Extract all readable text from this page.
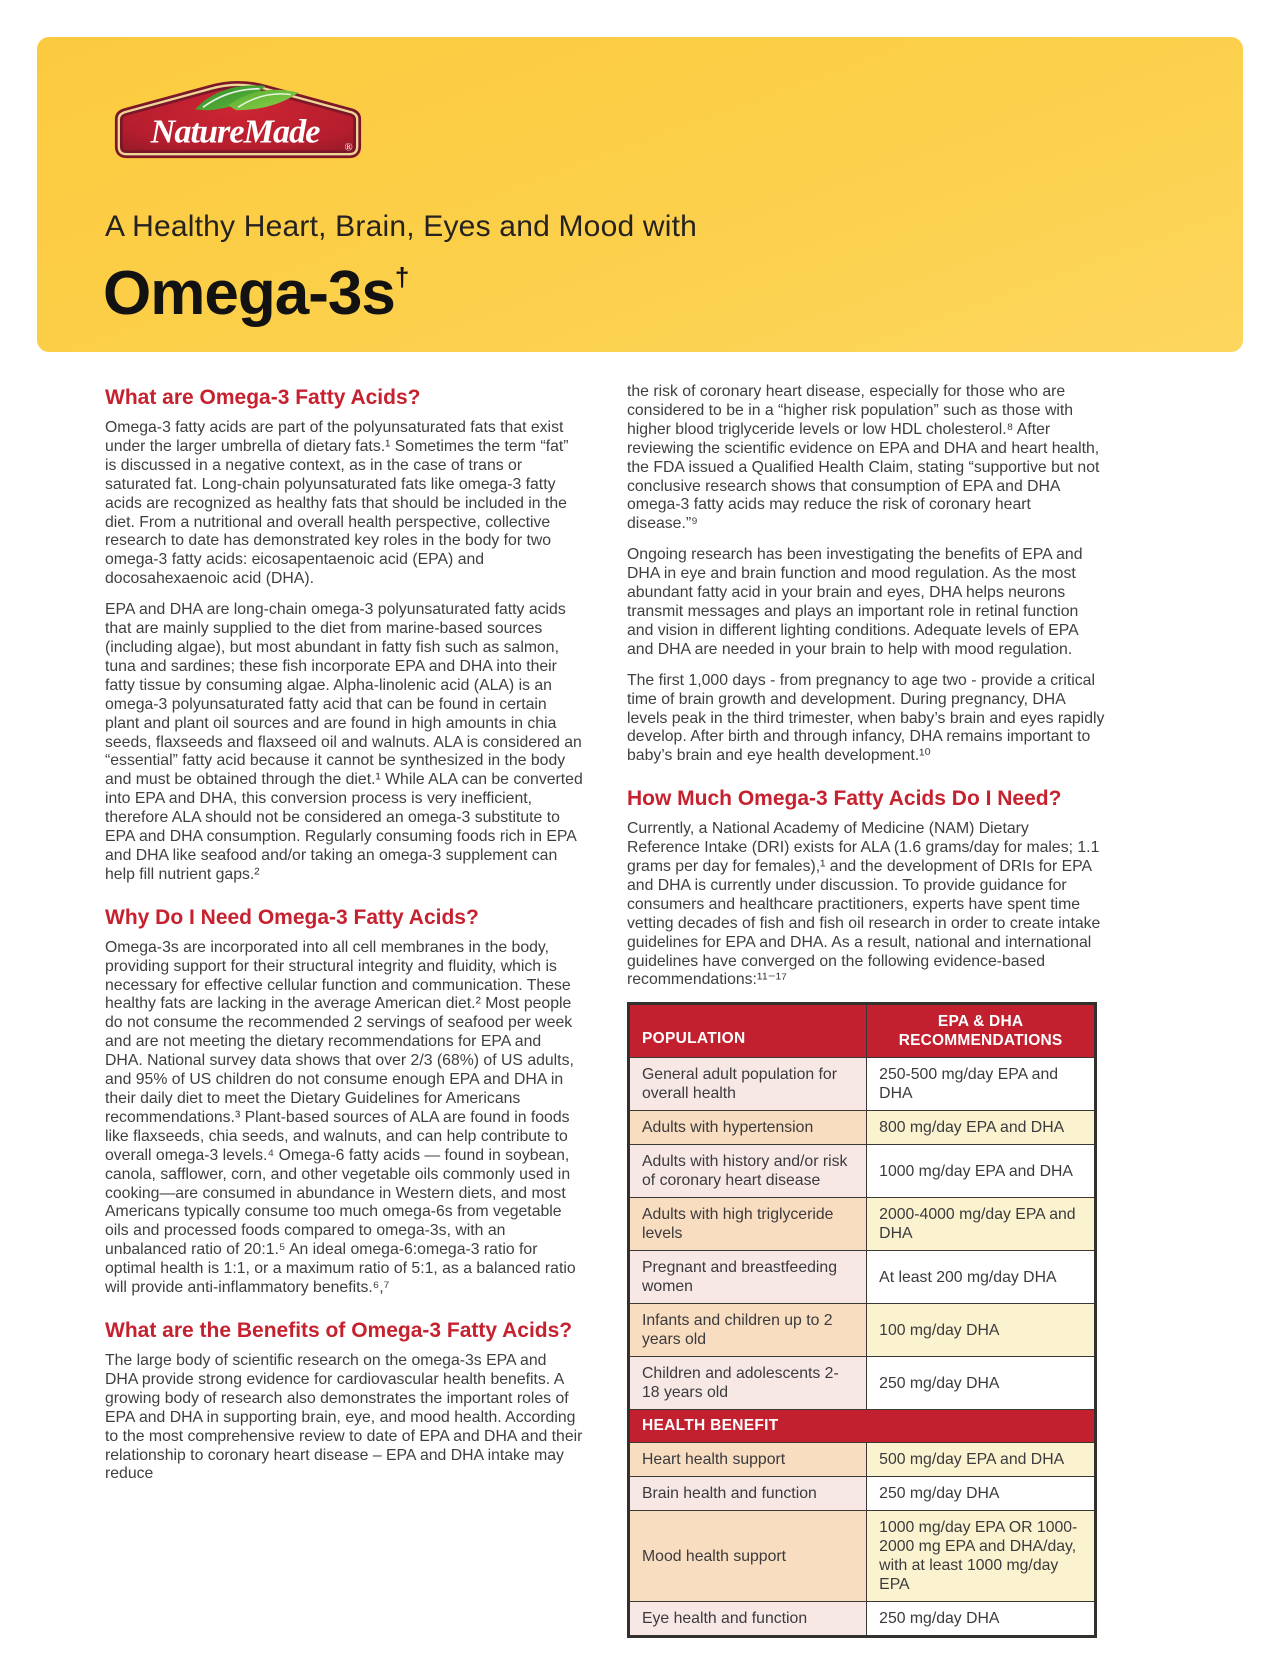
NatureMade ®
A Healthy Heart, Brain, Eyes and Mood with
Omega-3s†
What are Omega-3 Fatty Acids?

Omega-3 fatty acids are part of the polyunsaturated fats that exist under the larger umbrella of dietary fats.¹ Sometimes the term “fat” is discussed in a negative context, as in the case of trans or saturated fat. Long-chain polyunsaturated fats like omega-3 fatty acids are recognized as healthy fats that should be included in the diet. From a nutritional and overall health perspective, collective research to date has demonstrated key roles in the body for two omega-3 fatty acids: eicosapentaenoic acid (EPA) and docosahexaenoic acid (DHA).

EPA and DHA are long-chain omega-3 polyunsaturated fatty acids that are mainly supplied to the diet from marine-based sources (including algae), but most abundant in fatty fish such as salmon, tuna and sardines; these fish incorporate EPA and DHA into their fatty tissue by consuming algae. Alpha-linolenic acid (ALA) is an omega-3 polyunsaturated fatty acid that can be found in certain plant and plant oil sources and are found in high amounts in chia seeds, flaxseeds and flaxseed oil and walnuts. ALA is considered an “essential” fatty acid because it cannot be synthesized in the body and must be obtained through the diet.¹ While ALA can be converted into EPA and DHA, this conversion process is very inefficient, therefore ALA should not be considered an omega-3 substitute to EPA and DHA consumption. Regularly consuming foods rich in EPA and DHA like seafood and/or taking an omega-3 supplement can help fill nutrient gaps.²

Why Do I Need Omega-3 Fatty Acids?

Omega-3s are incorporated into all cell membranes in the body, providing support for their structural integrity and fluidity, which is necessary for effective cellular function and communication. These healthy fats are lacking in the average American diet.² Most people do not consume the recommended 2 servings of seafood per week and are not meeting the dietary recommendations for EPA and DHA. National survey data shows that over 2/3 (68%) of US adults, and 95% of US children do not consume enough EPA and DHA in their daily diet to meet the Dietary Guidelines for Americans recommendations.³ Plant-based sources of ALA are found in foods like flaxseeds, chia seeds, and walnuts, and can help contribute to overall omega-3 levels.⁴ Omega-6 fatty acids — found in soybean, canola, safflower, corn, and other vegetable oils commonly used in cooking—are consumed in abundance in Western diets, and most Americans typically consume too much omega-6s from vegetable oils and processed foods compared to omega-3s, with an unbalanced ratio of 20:1.⁵ An ideal omega-6:omega-3 ratio for optimal health is 1:1, or a maximum ratio of 5:1, as a balanced ratio will provide anti-inflammatory benefits.⁶,⁷

What are the Benefits of Omega-3 Fatty Acids?

The large body of scientific research on the omega-3s EPA and DHA provide strong evidence for cardiovascular health benefits. A growing body of research also demonstrates the important roles of EPA and DHA in supporting brain, eye, and mood health. According to the most comprehensive review to date of EPA and DHA and their relationship to coronary heart disease – EPA and DHA intake may reduce

the risk of coronary heart disease, especially for those who are considered to be in a “higher risk population” such as those with higher blood triglyceride levels or low HDL cholesterol.⁸ After reviewing the scientific evidence on EPA and DHA and heart health, the FDA issued a Qualified Health Claim, stating “supportive but not conclusive research shows that consumption of EPA and DHA omega-3 fatty acids may reduce the risk of coronary heart disease.”⁹

Ongoing research has been investigating the benefits of EPA and DHA in eye and brain function and mood regulation. As the most abundant fatty acid in your brain and eyes, DHA helps neurons transmit messages and plays an important role in retinal function and vision in different lighting conditions. Adequate levels of EPA and DHA are needed in your brain to help with mood regulation.

The first 1,000 days - from pregnancy to age two - provide a critical time of brain growth and development. During pregnancy, DHA levels peak in the third trimester, when baby’s brain and eyes rapidly develop. After birth and through infancy, DHA remains important to baby’s brain and eye health development.¹⁰

How Much Omega-3 Fatty Acids Do I Need?

Currently, a National Academy of Medicine (NAM) Dietary Reference Intake (DRI) exists for ALA (1.6 grams/day for males; 1.1 grams per day for females),¹ and the development of DRIs for EPA and DHA is currently under discussion. To provide guidance for consumers and healthcare practitioners, experts have spent time vetting decades of fish and fish oil research in order to create intake guidelines for EPA and DHA. As a result, national and international guidelines have converged on the following evidence-based recommendations:¹¹⁻¹⁷

POPULATION	EPA & DHA RECOMMENDATIONS
General adult population for overall health	250-500 mg/day EPA and DHA
Adults with hypertension	800 mg/day EPA and DHA
Adults with history and/or risk of coronary heart disease	1000 mg/day EPA and DHA
Adults with high triglyceride levels	2000-4000 mg/day EPA and DHA
Pregnant and breastfeeding women	At least 200 mg/day DHA
Infants and children up to 2 years old	100 mg/day DHA
Children and adolescents 2-18 years old	250 mg/day DHA
HEALTH BENEFIT	
Heart health support	500 mg/day EPA and DHA
Brain health and function	250 mg/day DHA
Mood health support	1000 mg/day EPA OR 1000-2000 mg EPA and DHA/day, with at least 1000 mg/day EPA
Eye health and function	250 mg/day DHA
